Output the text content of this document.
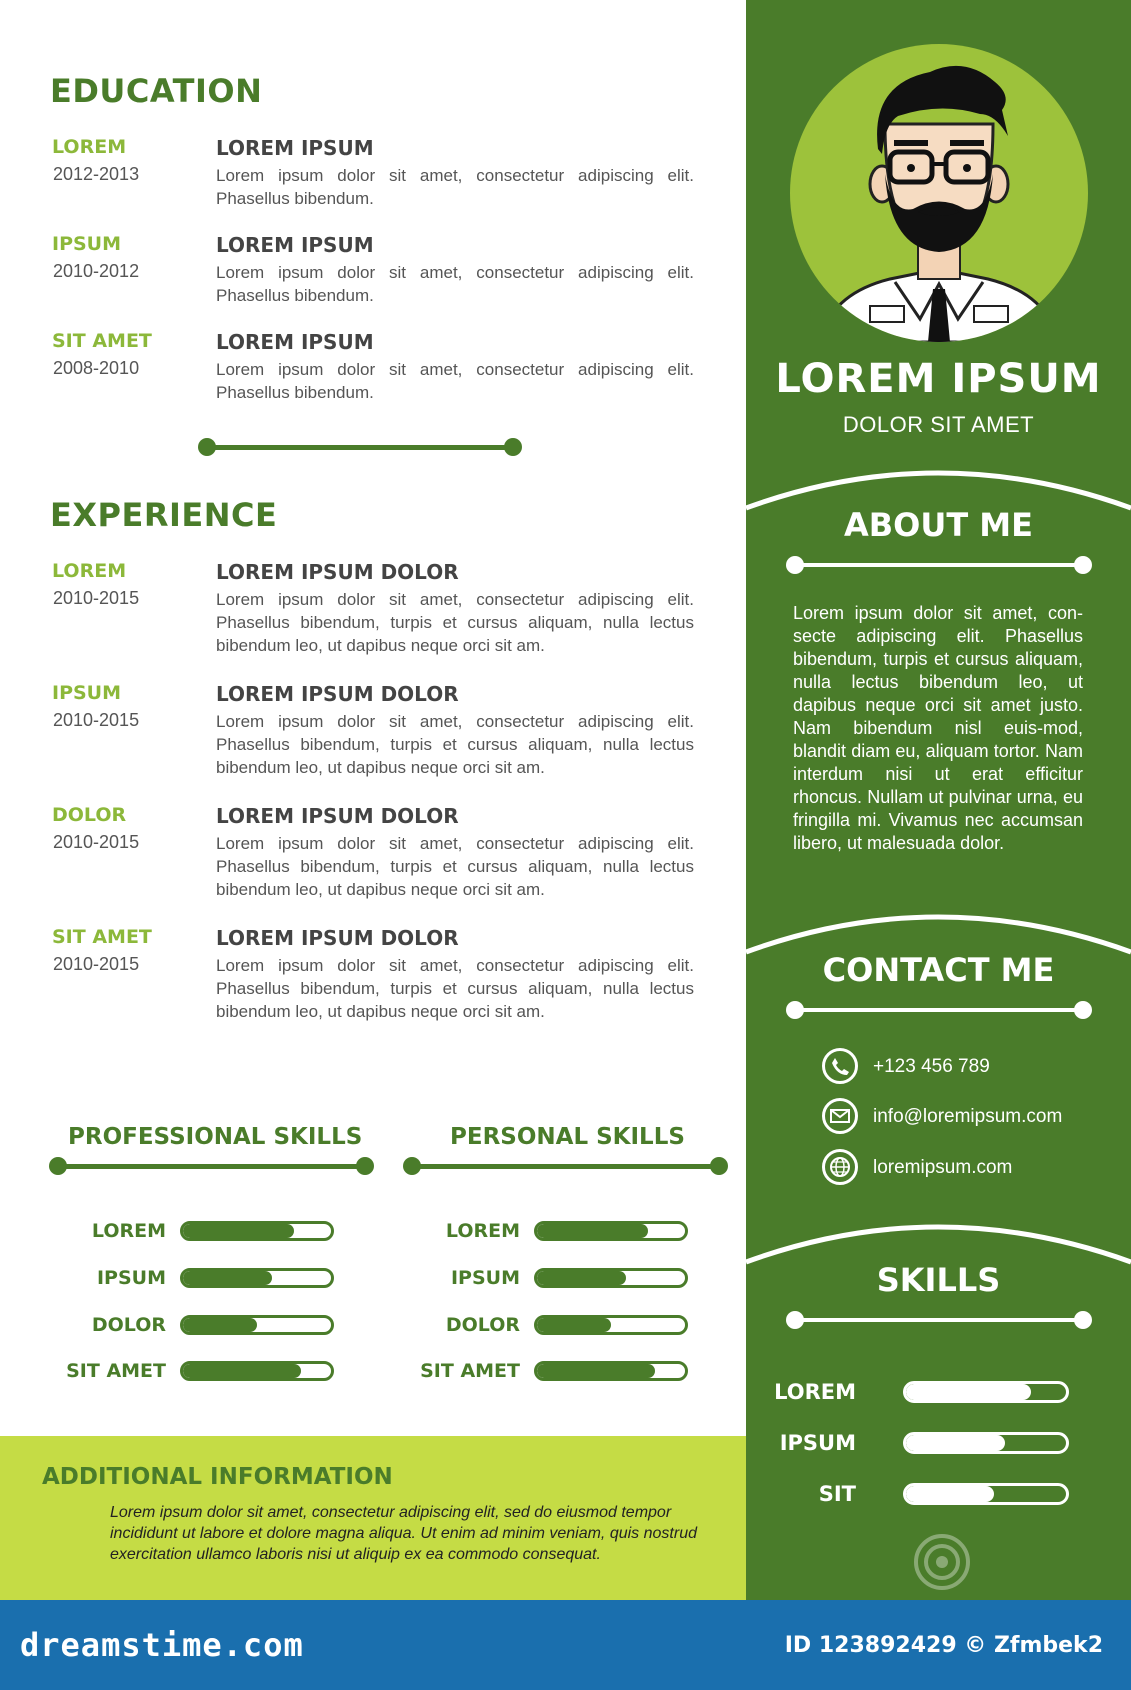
EDUCATION
LOREM
2012-2013
LOREM IPSUM
Lorem ipsum dolor sit amet, consectetur adipiscing elit. Phasellus bibendum.
IPSUM
2010-2012
LOREM IPSUM
Lorem ipsum dolor sit amet, consectetur adipiscing elit. Phasellus bibendum.
SIT AMET
2008-2010
LOREM IPSUM
Lorem ipsum dolor sit amet, consectetur adipiscing elit. Phasellus bibendum.
EXPERIENCE
LOREM
2010-2015
LOREM IPSUM DOLOR
Lorem ipsum dolor sit amet, consectetur adipiscing elit. Phasellus bibendum, turpis et cursus aliquam, nulla lectus bibendum leo, ut dapibus neque orci sit am.
IPSUM
2010-2015
LOREM IPSUM DOLOR
Lorem ipsum dolor sit amet, consectetur adipiscing elit. Phasellus bibendum, turpis et cursus aliquam, nulla lectus bibendum leo, ut dapibus neque orci sit am.
DOLOR
2010-2015
LOREM IPSUM DOLOR
Lorem ipsum dolor sit amet, consectetur adipiscing elit. Phasellus bibendum, turpis et cursus aliquam, nulla lectus bibendum leo, ut dapibus neque orci sit am.
SIT AMET
2010-2015
LOREM IPSUM DOLOR
Lorem ipsum dolor sit amet, consectetur adipiscing elit. Phasellus bibendum, turpis et cursus aliquam, nulla lectus bibendum leo, ut dapibus neque orci sit am.
PROFESSIONAL SKILLS
LOREM
IPSUM
DOLOR
SIT AMET
PERSONAL SKILLS
LOREM
IPSUM
DOLOR
SIT AMET
ADDITIONAL INFORMATION
Lorem ipsum dolor sit amet, consectetur adipiscing elit, sed do eiusmod tempor incididunt ut labore et dolore magna aliqua. Ut enim ad minim veniam, quis nostrud exercitation ullamco laboris nisi ut aliquip ex ea commodo consequat.
LOREM IPSUM
DOLOR SIT AMET
ABOUT ME
Lorem ipsum dolor sit amet, con-secte adipiscing elit. Phasellus bibendum, turpis et cursus aliquam, nulla lectus bibendum leo, ut dapibus neque orci sit amet justo. Nam bibendum nisl euis-mod, blandit diam eu, aliquam tortor. Nam interdum nisi ut erat efficitur rhoncus. Nullam ut pulvinar urna, eu fringilla mi. Vivamus nec accumsan libero, ut malesuada dolor.
CONTACT ME
+123 456 789
info@loremipsum.com
loremipsum.com
SKILLS
LOREM
IPSUM
SIT
dreamstime.com	ID 123892429 © Zfmbek2
